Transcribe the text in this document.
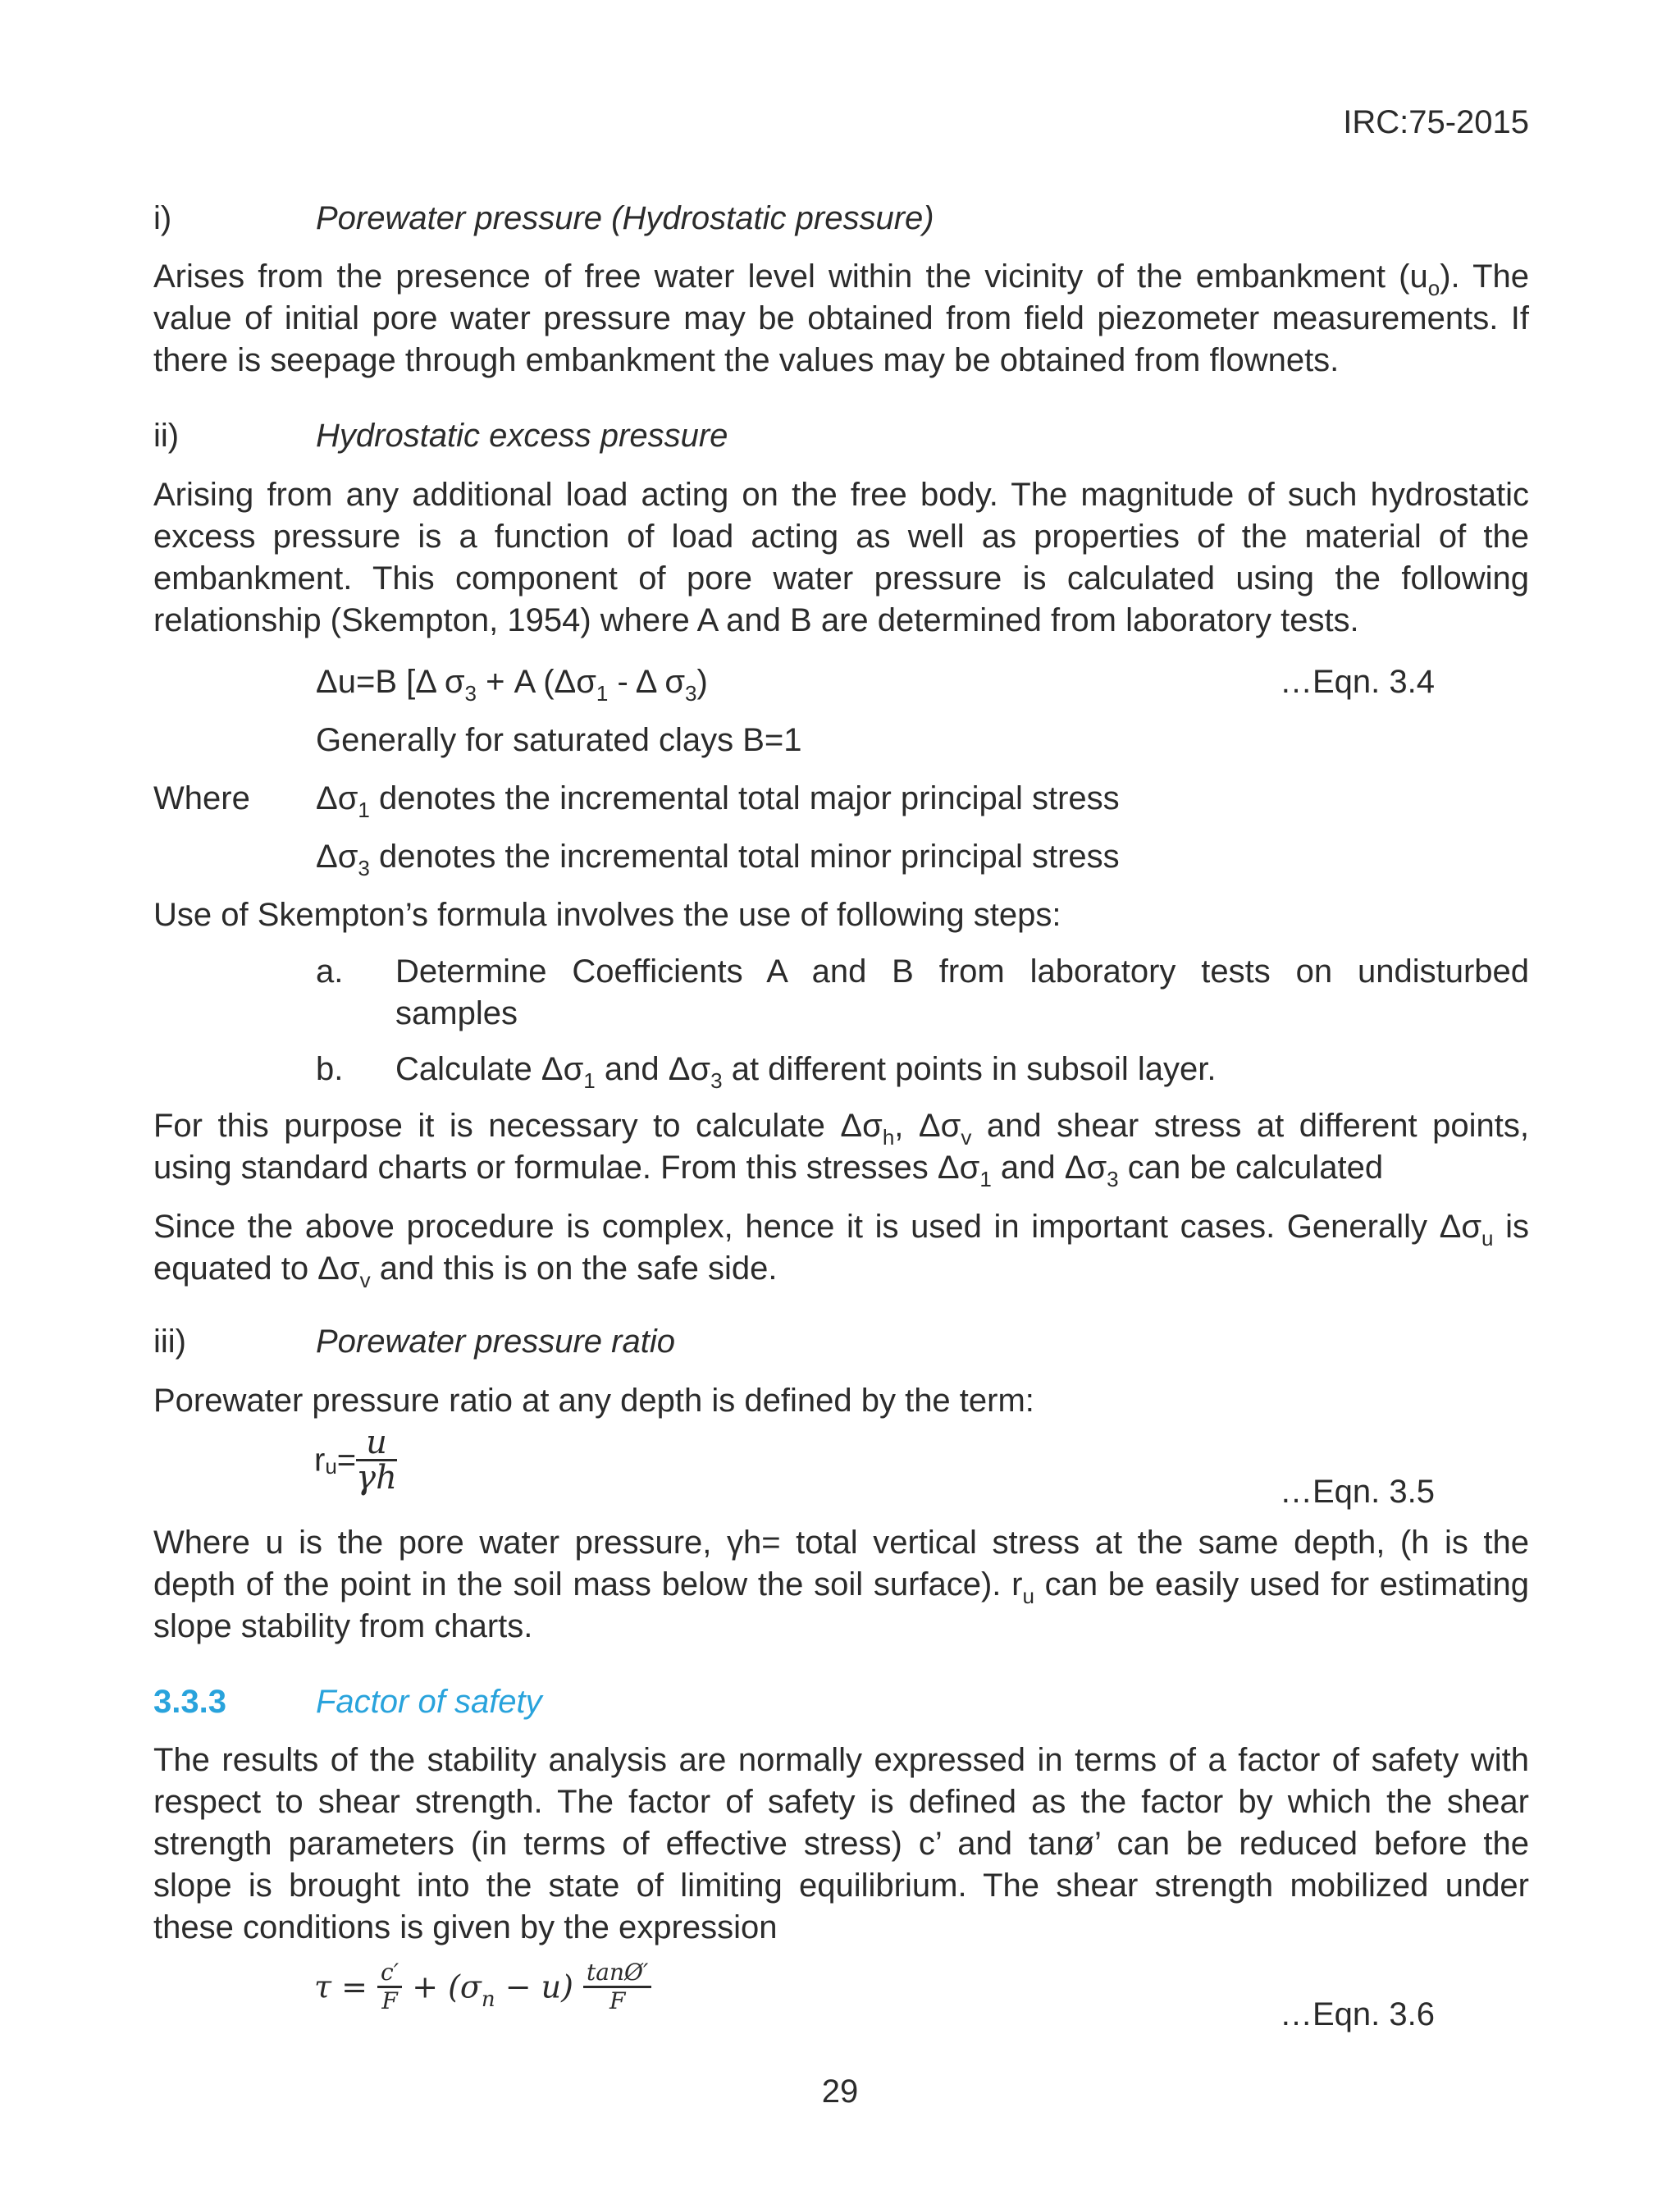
IRC:75-2015
i)	Porewater pressure (Hydrostatic pressure)
Arises from the presence of free water level within the vicinity of the embankment $(u_o)$. The
value of initial pore water pressure may be obtained from field piezometer measurements. If
there is seepage through embankment the values may be obtained from flownets.
ii)	Hydrostatic excess pressure
Arising from any additional load acting on the free body. The magnitude of such hydrostatic
excess pressure is a function of load acting as well as properties of the material of the
embankment. This component of pore water pressure is calculated using the following
relationship (Skempton, 1954) where A and B are determined from laboratory tests.
Δu=B [Δ $\sigma_3 + A$ ($\Delta\sigma_1$ - Δ $\sigma_3$)	…Eqn. 3.4
Generally for saturated clays B=1
Where $\Delta\sigma_1$ denotes the incremental total major principal stress
$\Delta\sigma_3$ denotes the incremental total minor principal stress
Use of Skempton’s formula involves the use of following steps:
a. Determine Coefficients A and B from laboratory tests on undisturbed
samples
b. Calculate $\Delta\sigma_1$ and $\Delta\sigma_3$ at different points in subsoil layer.
For this purpose it is necessary to calculate $\Delta\sigma_h$, $\Delta\sigma_v$ and shear stress at different points,
using standard charts or formulae. From this stresses $\Delta\sigma_1$ and $\Delta\sigma_3$ can be calculated
Since the above procedure is complex, hence it is used in important cases. Generally $\Delta\sigma_u$ is
equated to $\Delta\sigma_v$ and this is on the safe side.
iii)	Porewater pressure ratio
Porewater pressure ratio at any depth is defined by the term:
$r_u= \frac{u}{\gamma h}$	…Eqn. 3.5
Where u is the pore water pressure, γh= total vertical stress at the same depth, (h is the
depth of the point in the soil mass below the soil surface). $r_u$ can be easily used for estimating
slope stability from charts.
3.3.3	Factor of safety
The results of the stability analysis are normally expressed in terms of a factor of safety with
respect to shear strength. The factor of safety is defined as the factor by which the shear
strength parameters (in terms of effective stress) c’ and tanø’ can be reduced before the
slope is brought into the state of limiting equilibrium. The shear strength mobilized under
these conditions is given by the expression
$\tau = \frac{c'}{F} + (\sigma_n - u) \frac{\tan Ø'}{F}$	…Eqn. 3.6
29
